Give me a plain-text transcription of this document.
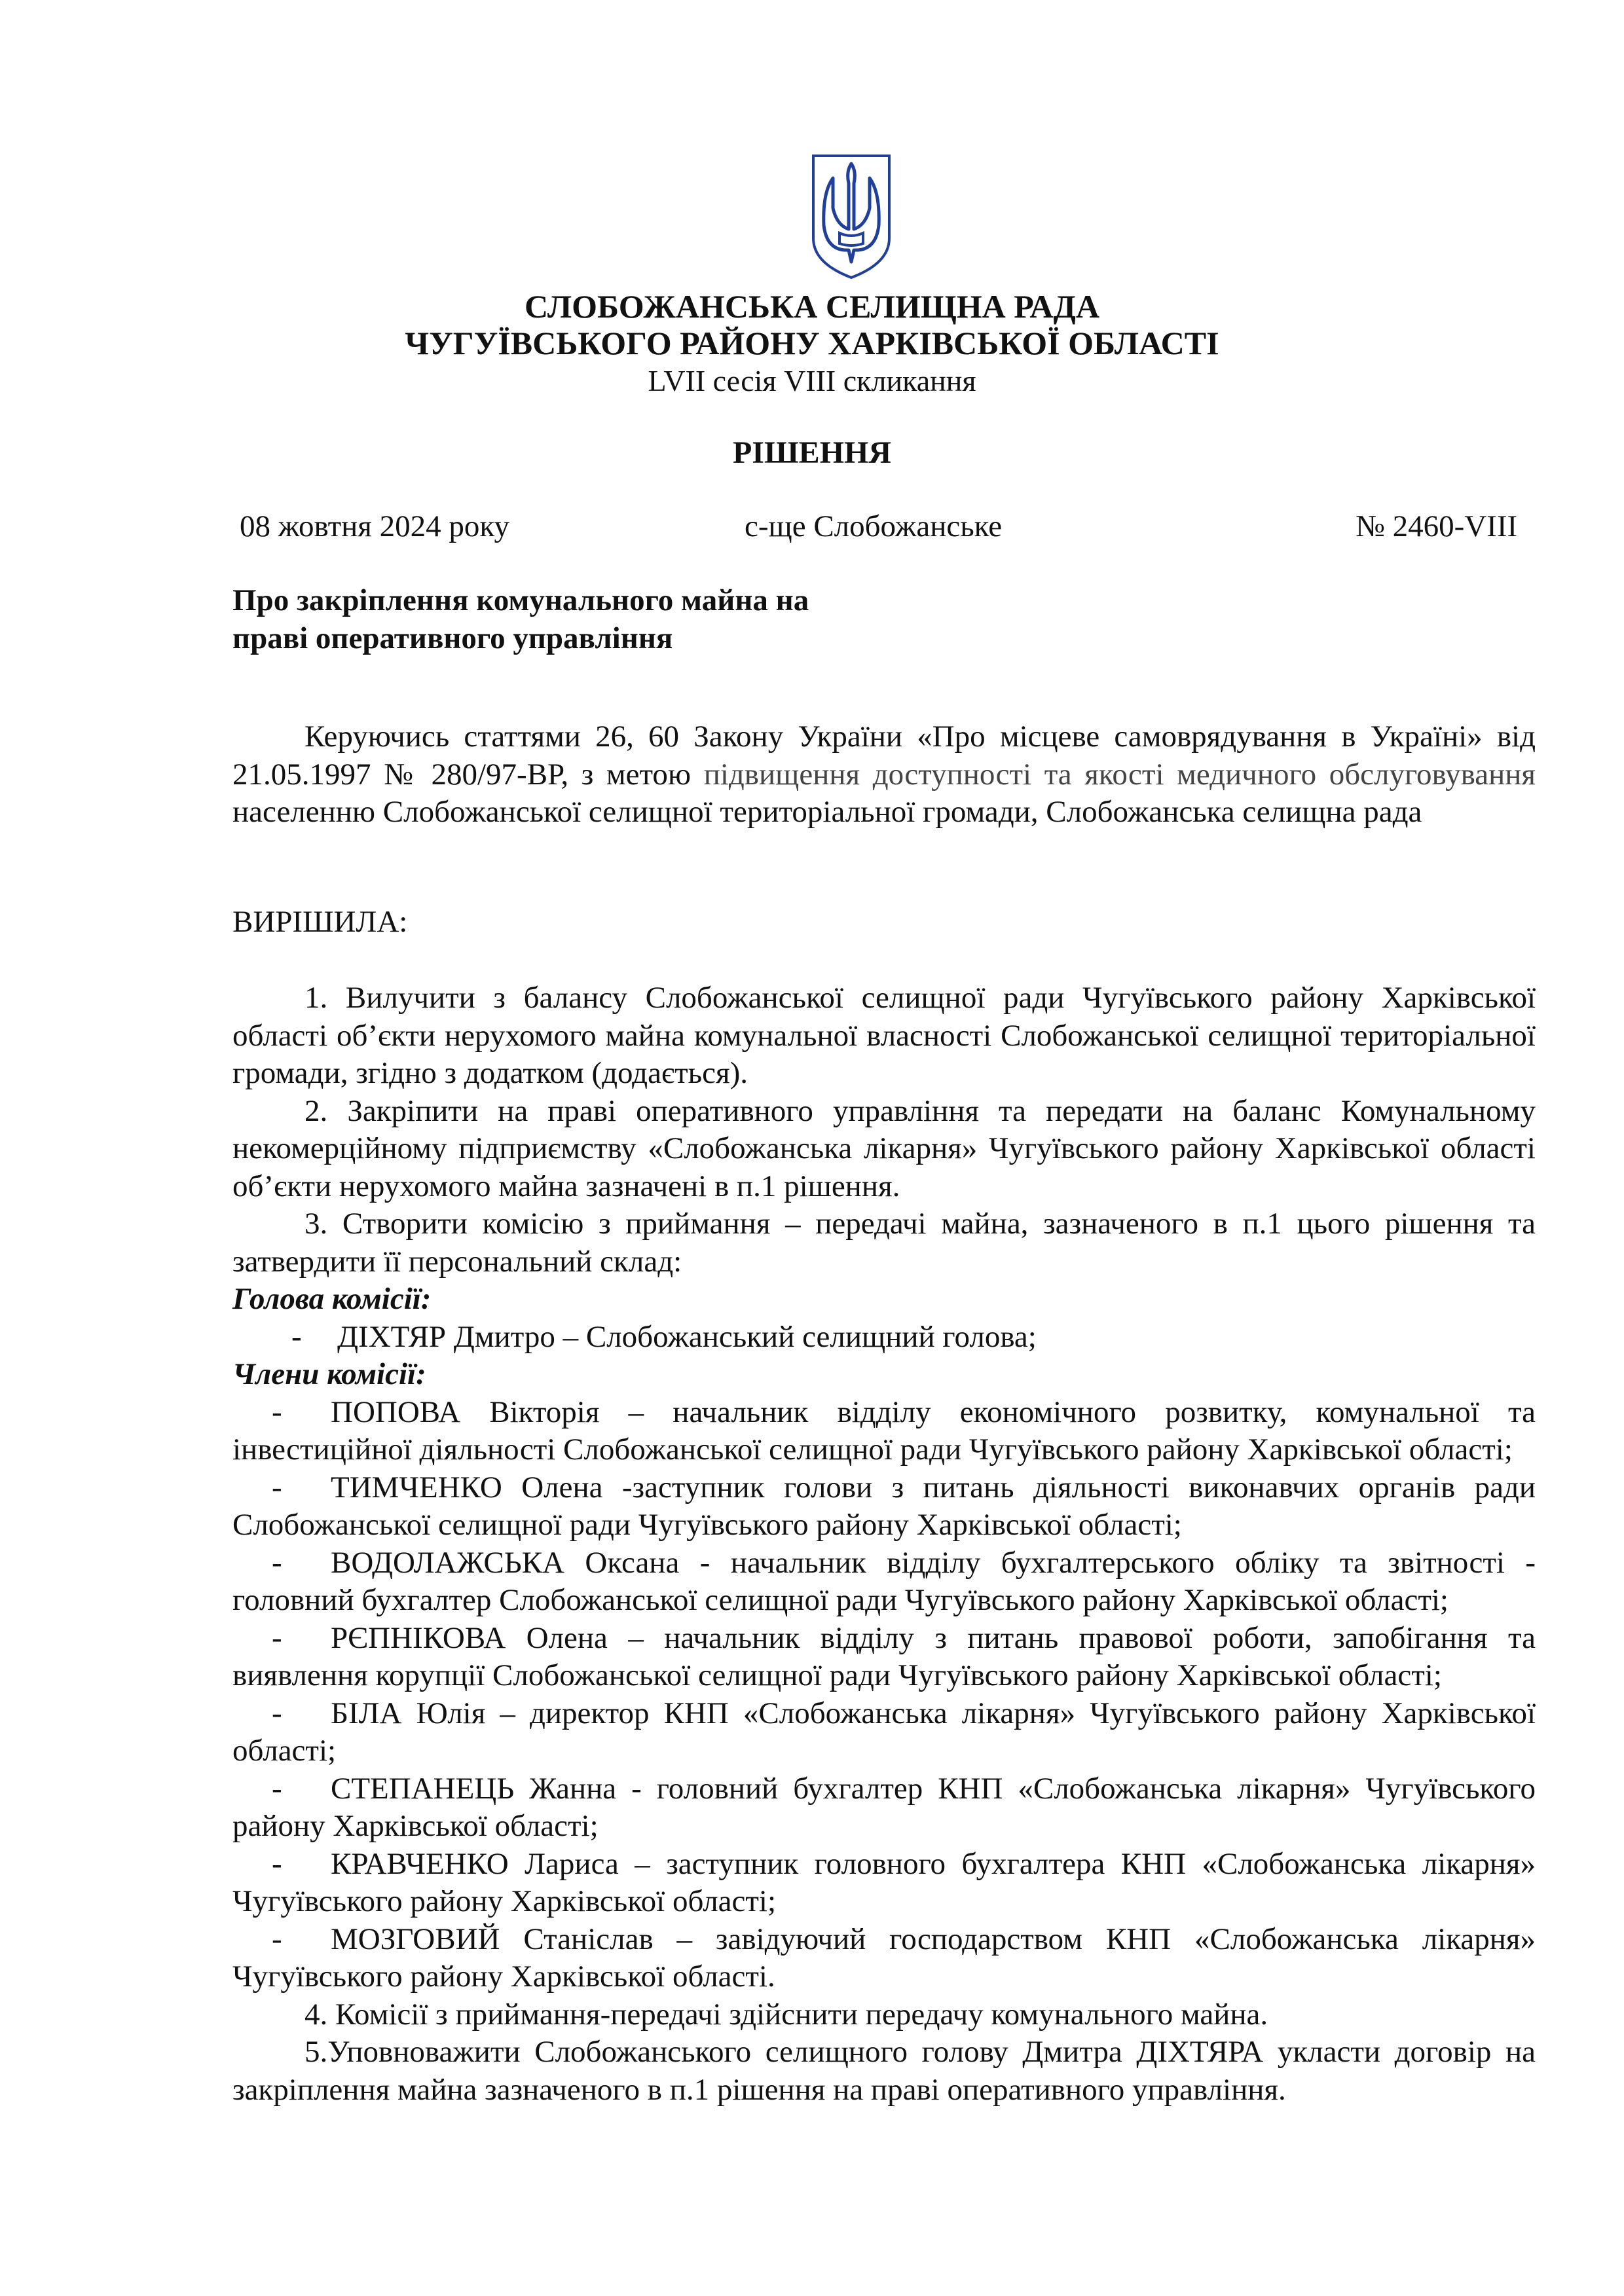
СЛОБОЖАНСЬКА СЕЛИЩНА РАДА
ЧУГУЇВСЬКОГО РАЙОНУ ХАРКІВСЬКОЇ ОБЛАСТІ
LVII сесія VIII скликання
РІШЕННЯ
08 жовтня 2024 року	с-ще Слобожанське	№ 2460-VIII
Про закріплення комунального майна на
праві оперативного управління

Керуючись статтями 26, 60 Закону України «Про місцеве самоврядування в Україні» від 21.05.1997 № 280/97-ВР, з метою підвищення доступності та якості медичного обслуговування населенню Слобожанської селищної територіальної громади, Слобожанська селищна рада

ВИРІШИЛА:

1. Вилучити з балансу Слобожанської селищної ради Чугуївського району Харківської області об’єкти нерухомого майна комунальної власності Слобожанської селищної територіальної громади, згідно з додатком (додається).

2. Закріпити на праві оперативного управління та передати на баланс Комунальному некомерційному підприємству «Слобожанська лікарня» Чугуївського району Харківської області об’єкти нерухомого майна зазначені в п.1 рішення.

3. Створити комісію з приймання – передачі майна, зазначеного в п.1 цього рішення та затвердити її персональний склад:

Голова комісії:

- ДІХТЯР Дмитро – Слобожанський селищний голова;

Члени комісії:

- ПОПОВА Вікторія – начальник відділу економічного розвитку, комунальної та інвестиційної діяльності Слобожанської селищної ради Чугуївського району Харківської області;

- ТИМЧЕНКО Олена -заступник голови з питань діяльності виконавчих органів ради Слобожанської селищної ради Чугуївського району Харківської області;

- ВОДОЛАЖСЬКА Оксана - начальник відділу бухгалтерського обліку та звітності - головний бухгалтер Слобожанської селищної ради Чугуївського району Харківської області;

- РЄПНІКОВА Олена – начальник відділу з питань правової роботи, запобігання та виявлення корупції Слобожанської селищної ради Чугуївського району Харківської області;

- БІЛА Юлія – директор КНП «Слобожанська лікарня» Чугуївського району Харківської області;

- СТЕПАНЕЦЬ Жанна - головний бухгалтер КНП «Слобожанська лікарня» Чугуївського району Харківської області;

- КРАВЧЕНКО Лариса – заступник головного бухгалтера КНП «Слобожанська лікарня» Чугуївського району Харківської області;

- МОЗГОВИЙ Станіслав – завідуючий господарством КНП «Слобожанська лікарня» Чугуївського району Харківської області.

4. Комісії з приймання-передачі здійснити передачу комунального майна.

5.Уповноважити Слобожанського селищного голову Дмитра ДІХТЯРА укласти договір на закріплення майна зазначеного в п.1 рішення на праві оперативного управління.
